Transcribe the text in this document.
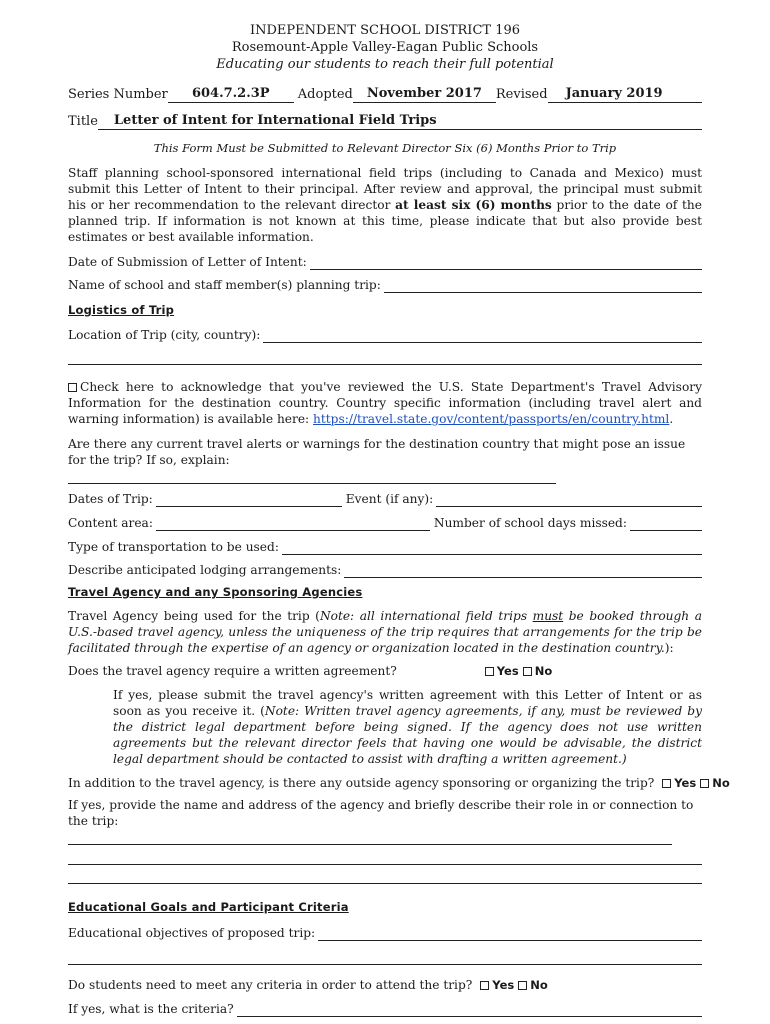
INDEPENDENT SCHOOL DISTRICT 196
Rosemount-Apple Valley-Eagan Public Schools
Educating our students to reach their full potential
Series Number	604.7.2.3P	Adopted	November 2017	Revised	January 2019
Title	Letter of Intent for International Field Trips
This Form Must be Submitted to Relevant Director Six (6) Months Prior to Trip

Staff planning school-sponsored international field trips (including to Canada and Mexico) must submit this Letter of Intent to their principal. After review and approval, the principal must submit his or her recommendation to the relevant director at least six (6) months prior to the date of the planned trip. If information is not known at this time, please indicate that but also provide best estimates or best available information.

Date of Submission of Letter of Intent:
Name of school and staff member(s) planning trip:
Logistics of Trip
Location of Trip (city, country):

Check here to acknowledge that you've reviewed the U.S. State Department's Travel Advisory Information for the destination country. Country specific information (including travel alert and warning information) is available here: https://travel.state.gov/content/passports/en/country.html.

Are there any current travel alerts or warnings for the destination country that might pose an issue for the trip? If so, explain:

Dates of Trip:	Event (if any):
Content area:	Number of school days missed:
Type of transportation to be used:
Describe anticipated lodging arrangements:
Travel Agency and any Sponsoring Agencies

Travel Agency being used for the trip (Note: all international field trips must be booked through a U.S.-based travel agency, unless the uniqueness of the trip requires that arrangements for the trip be facilitated through the expertise of an agency or organization located in the destination country.):

Does the travel agency require a written agreement?	Yes No

If yes, please submit the travel agency's written agreement with this Letter of Intent or as soon as you receive it. (Note: Written travel agency agreements, if any, must be reviewed by the district legal department before being signed. If the agency does not use written agreements but the relevant director feels that having one would be advisable, the district legal department should be contacted to assist with drafting a written agreement.)

In addition to the travel agency, is there any outside agency sponsoring or organizing the trip?	Yes No

If yes, provide the name and address of the agency and briefly describe their role in or connection to the trip:

Educational Goals and Participant Criteria
Educational objectives of proposed trip:
Do students need to meet any criteria in order to attend the trip?	Yes No
If yes, what is the criteria?
